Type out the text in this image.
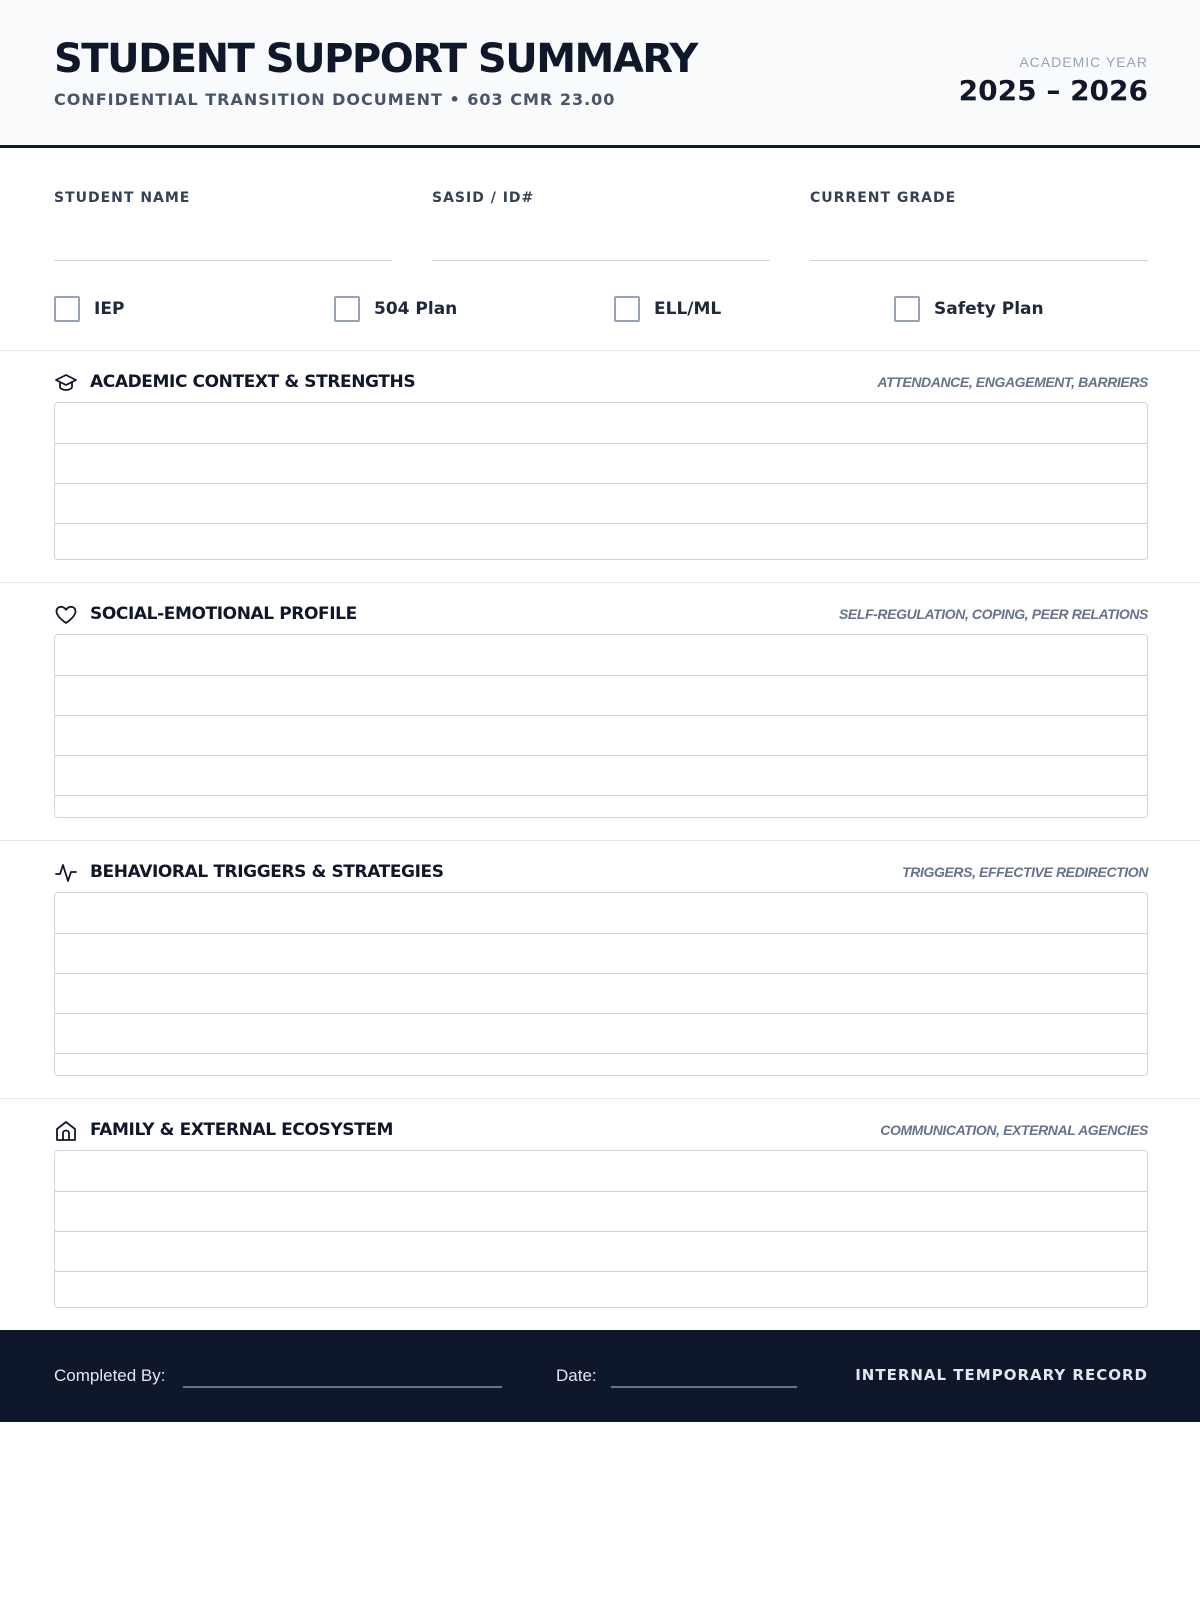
STUDENT SUPPORT SUMMARY
CONFIDENTIAL TRANSITION DOCUMENT • 603 CMR 23.00
ACADEMIC YEAR
2025 – 2026
STUDENT NAME	SASID / ID#	CURRENT GRADE
IEP	504 Plan	ELL/ML	Safety Plan
ACADEMIC CONTEXT & STRENGTHS	ATTENDANCE, ENGAGEMENT, BARRIERS
SOCIAL-EMOTIONAL PROFILE	SELF-REGULATION, COPING, PEER RELATIONS
BEHAVIORAL TRIGGERS & STRATEGIES	TRIGGERS, EFFECTIVE REDIRECTION
FAMILY & EXTERNAL ECOSYSTEM	COMMUNICATION, EXTERNAL AGENCIES
Completed By:	Date:	INTERNAL TEMPORARY RECORD
